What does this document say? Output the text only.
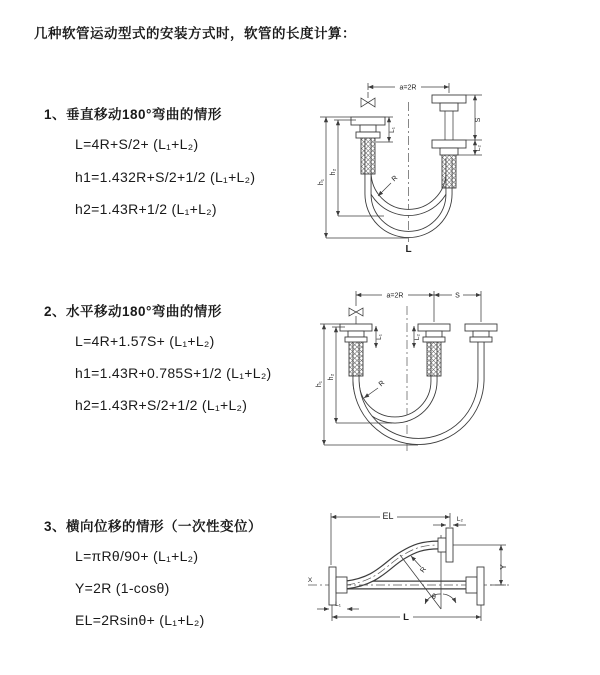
几种软管运动型式的安装方式时，软管的长度计算：
1、垂直移动180°弯曲的情形
L=4R+S/2+ (L₁+L₂)
h1=1.432R+S/2+1/2 (L₁+L₂)
h2=1.43R+1/2 (L₁+L₂)
2、水平移动180°弯曲的情形
L=4R+1.57S+ (L₁+L₂)
h1=1.43R+0.785S+1/2 (L₁+L₂)
h2=1.43R+S/2+1/2 (L₁+L₂)
3、横向位移的情形（一次性变位）
L=πRθ/90+ (L₁+L₂)
Y=2R (1-cosθ)
EL=2Rsinθ+ (L₁+L₂)
a=2R
S
L₂
L₁
h₁
h₂
R
L
a=2R	S
L₁	L₂
h₁
h₂
R
X
θ
EL	L₂
Y
L₁
L
R
